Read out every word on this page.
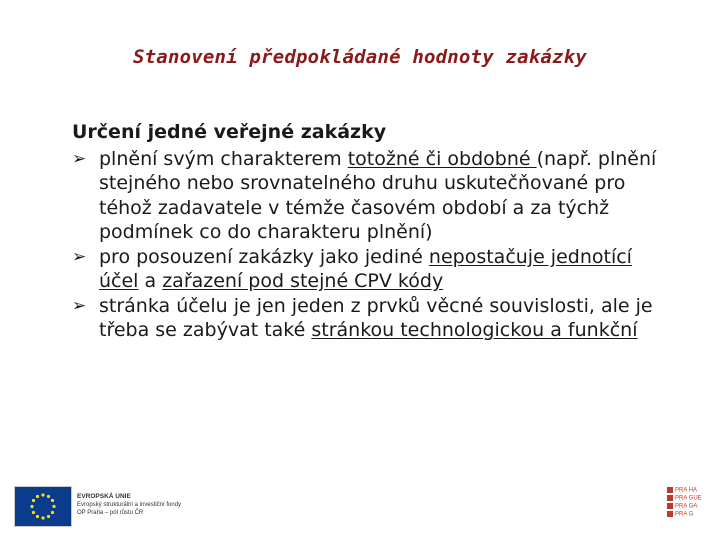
Stanovení předpokládané hodnoty zakázky
Určení jedné veřejné zakázky
➢ plnění svým charakterem totožné či obdobné (např. plnění stejného nebo srovnatelného druhu uskutečňované pro téhož zadavatele v témže časovém období a za týchž podmínek co do charakteru plnění)
➢ pro posouzení zakázky jako jediné nepostačuje jednotící účel a zařazení pod stejné CPV kódy
➢ stránka účelu je jen jeden z prvků věcné souvislosti, ale je třeba se zabývat také stránkou technologickou a funkční
EVROPSKÁ UNIE
Evropský strukturální a investiční fondy
OP Praha – pól růstu ČR
PRA HA
PRA GUE
PRA GA
PRA G
